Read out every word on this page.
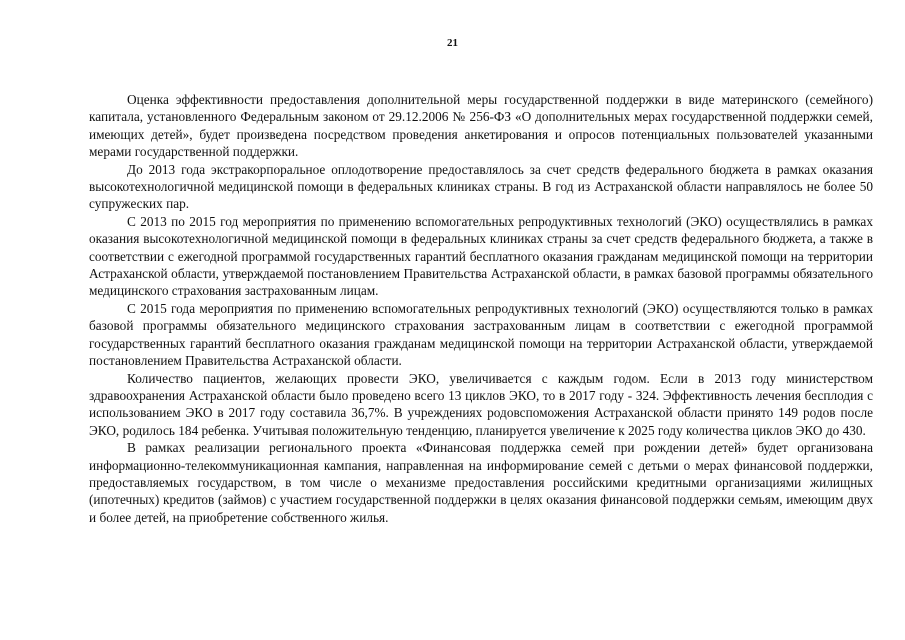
21

Оценка эффективности предоставления дополнительной меры государственной поддержки в виде материнского (семейного) капитала, установленного Федеральным законом от 29.12.2006 № 256-ФЗ «О дополнительных мерах государственной поддержки семей, имеющих детей», будет произведена посредством проведения анкетирования и опросов потенциальных пользователей указанными мерами государственной поддержки.

До 2013 года экстракорпоральное оплодотворение предоставлялось за счет средств федерального бюджета в рамках оказания высокотехнологичной медицинской помощи в федеральных клиниках страны. В год из Астраханской области направлялось не более 50 супружеских пар.

С 2013 по 2015 год мероприятия по применению вспомогательных репродуктивных технологий (ЭКО) осуществлялись в рамках оказания высокотехнологичной медицинской помощи в федеральных клиниках страны за счет средств федерального бюджета, а также в соответствии с ежегодной программой государственных гарантий бесплатного оказания гражданам медицинской помощи на территории Астраханской области, утверждаемой постановлением Правительства Астраханской области, в рамках базовой программы обязательного медицинского страхования застрахованным лицам.

С 2015 года мероприятия по применению вспомогательных репродуктивных технологий (ЭКО) осуществляются только в рамках базовой программы обязательного медицинского страхования застрахованным лицам в соответствии с ежегодной программой государственных гарантий бесплатного оказания гражданам медицинской помощи на территории Астраханской области, утверждаемой постановлением Правительства Астраханской области.

Количество пациентов, желающих провести ЭКО, увеличивается с каждым годом. Если в 2013 году министерством здравоохранения Астраханской области было проведено всего 13 циклов ЭКО, то в 2017 году - 324. Эффективность лечения бесплодия с использованием ЭКО в 2017 году составила 36,7%. В учреждениях родовспоможения Астраханской области принято 149 родов после ЭКО, родилось 184 ребенка. Учитывая положительную тенденцию, планируется увеличение к 2025 году количества циклов ЭКО до 430.

В рамках реализации регионального проекта «Финансовая поддержка семей при рождении детей» будет организована информационно-телекоммуникационная кампания, направленная на информирование семей с детьми о мерах финансовой поддержки, предоставляемых государством, в том числе о механизме предоставления российскими кредитными организациями жилищных (ипотечных) кредитов (займов) с участием государственной поддержки в целях оказания финансовой поддержки семьям, имеющим двух и более детей, на приобретение собственного жилья.
